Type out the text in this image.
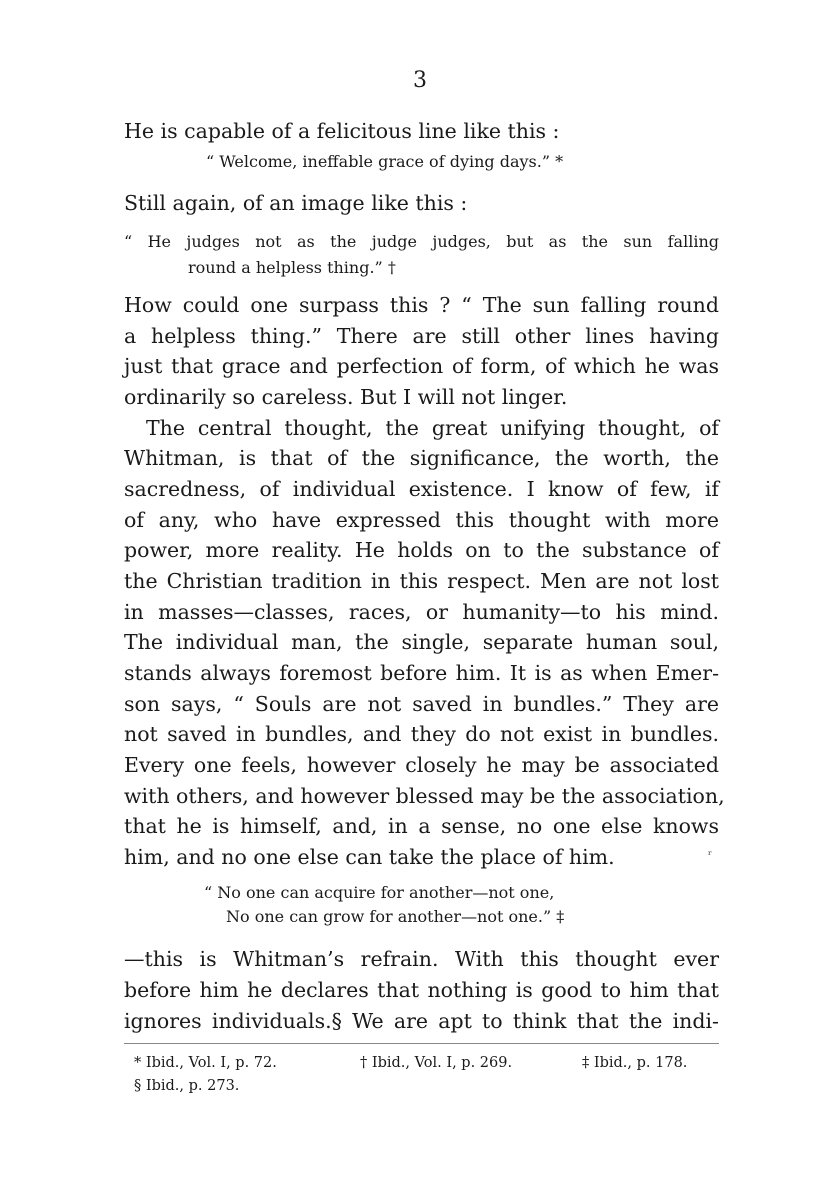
3
He is capable of a felicitous line like this :
“ Welcome, ineffable grace of dying days.” *
Still again, of an image like this :
“ He judges not as the judge judges, but as the sun falling
round a helpless thing.” †
How could one surpass this ? “ The sun falling round
a helpless thing.” There are still other lines having
just that grace and perfection of form, of which he was
ordinarily so careless. But I will not linger.
The central thought, the great unifying thought, of
Whitman, is that of the significance, the worth, the
sacredness, of individual existence. I know of few, if
of any, who have expressed this thought with more
power, more reality. He holds on to the substance of
the Christian tradition in this respect. Men are not lost
in masses—classes, races, or humanity—to his mind.
The individual man, the single, separate human soul,
stands always foremost before him. It is as when Emer-
son says, “ Souls are not saved in bundles.” They are
not saved in bundles, and they do not exist in bundles.
Every one feels, however closely he may be associated
with others, and however blessed may be the association,
that he is himself, and, in a sense, no one else knows
him, and no one else can take the place of him.	ʳ
“ No one can acquire for another—not one,
No one can grow for another—not one.” ‡
—this is Whitman’s refrain. With this thought ever
before him he declares that nothing is good to him that
ignores individuals.§ We are apt to think that the indi-
* Ibid., Vol. I, p. 72.	† Ibid., Vol. I, p. 269.	‡ Ibid., p. 178.
§ Ibid., p. 273.
